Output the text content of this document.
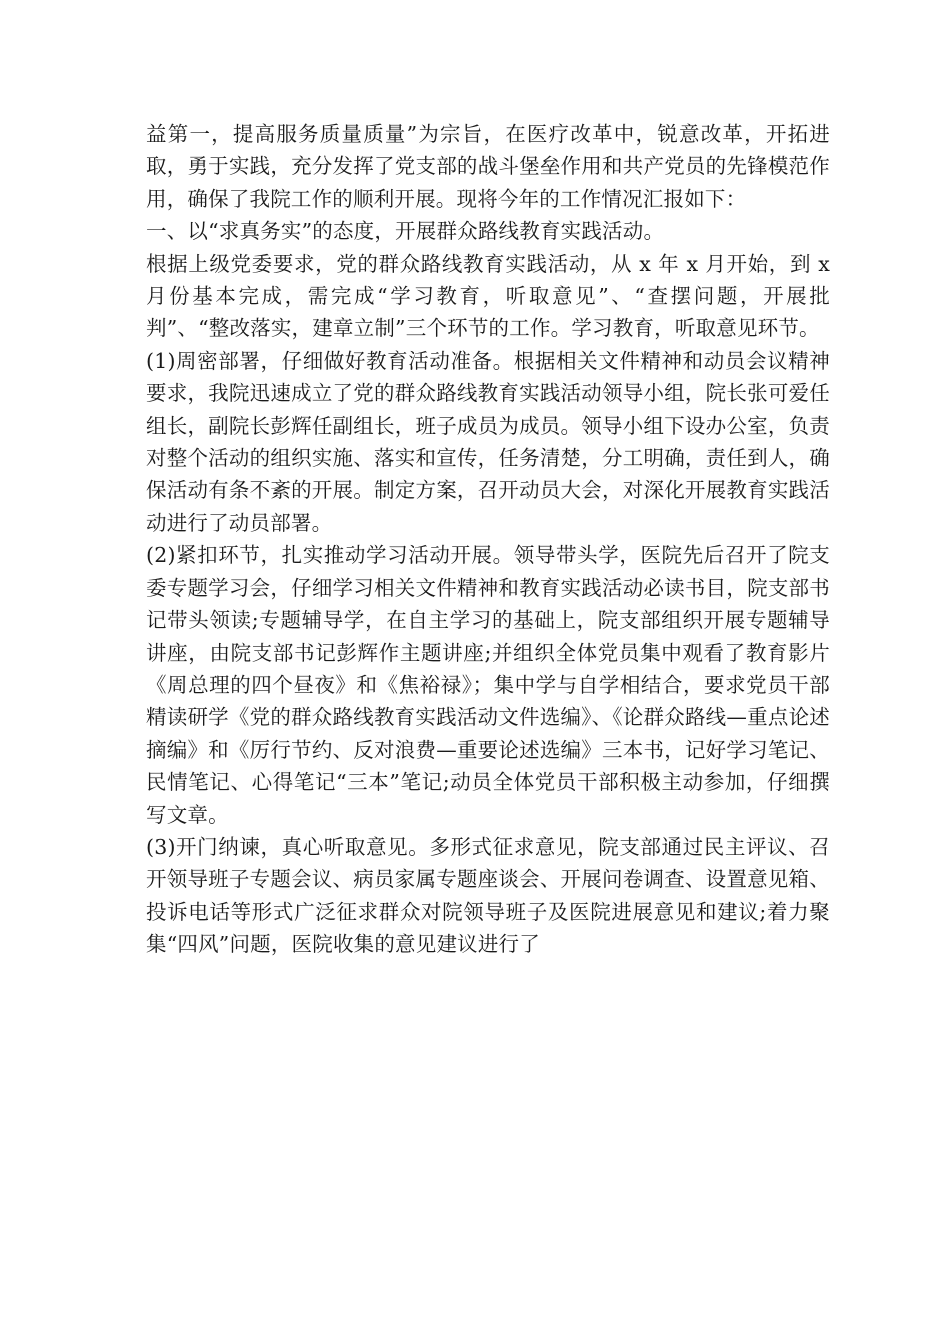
益第一，提高服务质量质量”为宗旨，在医疗改革中，锐意改革，开拓进取，勇于实践，充分发挥了党支部的战斗堡垒作用和共产党员的先锋模范作用，确保了我院工作的顺利开展。现将今年的工作情况汇报如下：

一、以“求真务实”的态度，开展群众路线教育实践活动。

根据上级党委要求，党的群众路线教育实践活动，从 x 年 x 月开始，到 x 月份基本完成，需完成“学习教育，听取意见”、“查摆问题，开展批判”、“整改落实，建章立制”三个环节的工作。学习教育，听取意见环节。

(1)周密部署，仔细做好教育活动准备。根据相关文件精神和动员会议精神要求，我院迅速成立了党的群众路线教育实践活动领导小组，院长张可爱任组长，副院长彭辉任副组长，班子成员为成员。领导小组下设办公室，负责对整个活动的组织实施、落实和宣传，任务清楚，分工明确，责任到人，确保活动有条不紊的开展。制定方案，召开动员大会，对深化开展教育实践活动进行了动员部署。

(2)紧扣环节，扎实推动学习活动开展。领导带头学，医院先后召开了院支委专题学习会，仔细学习相关文件精神和教育实践活动必读书目，院支部书记带头领读;专题辅导学，在自主学习的基础上，院支部组织开展专题辅导讲座，由院支部书记彭辉作主题讲座;并组织全体党员集中观看了教育影片《周总理的四个昼夜》和《焦裕禄》；集中学与自学相结合，要求党员干部精读研学《党的群众路线教育实践活动文件选编》、《论群众路线—重点论述摘编》和《厉行节约、反对浪费—重要论述选编》三本书，记好学习笔记、民情笔记、心得笔记“三本”笔记;动员全体党员干部积极主动参加，仔细撰写文章。

(3)开门纳谏，真心听取意见。多形式征求意见，院支部通过民主评议、召开领导班子专题会议、病员家属专题座谈会、开展问卷调查、设置意见箱、投诉电话等形式广泛征求群众对院领导班子及医院进展意见和建议;着力聚集“四风”问题，医院收集的意见建议进行了
